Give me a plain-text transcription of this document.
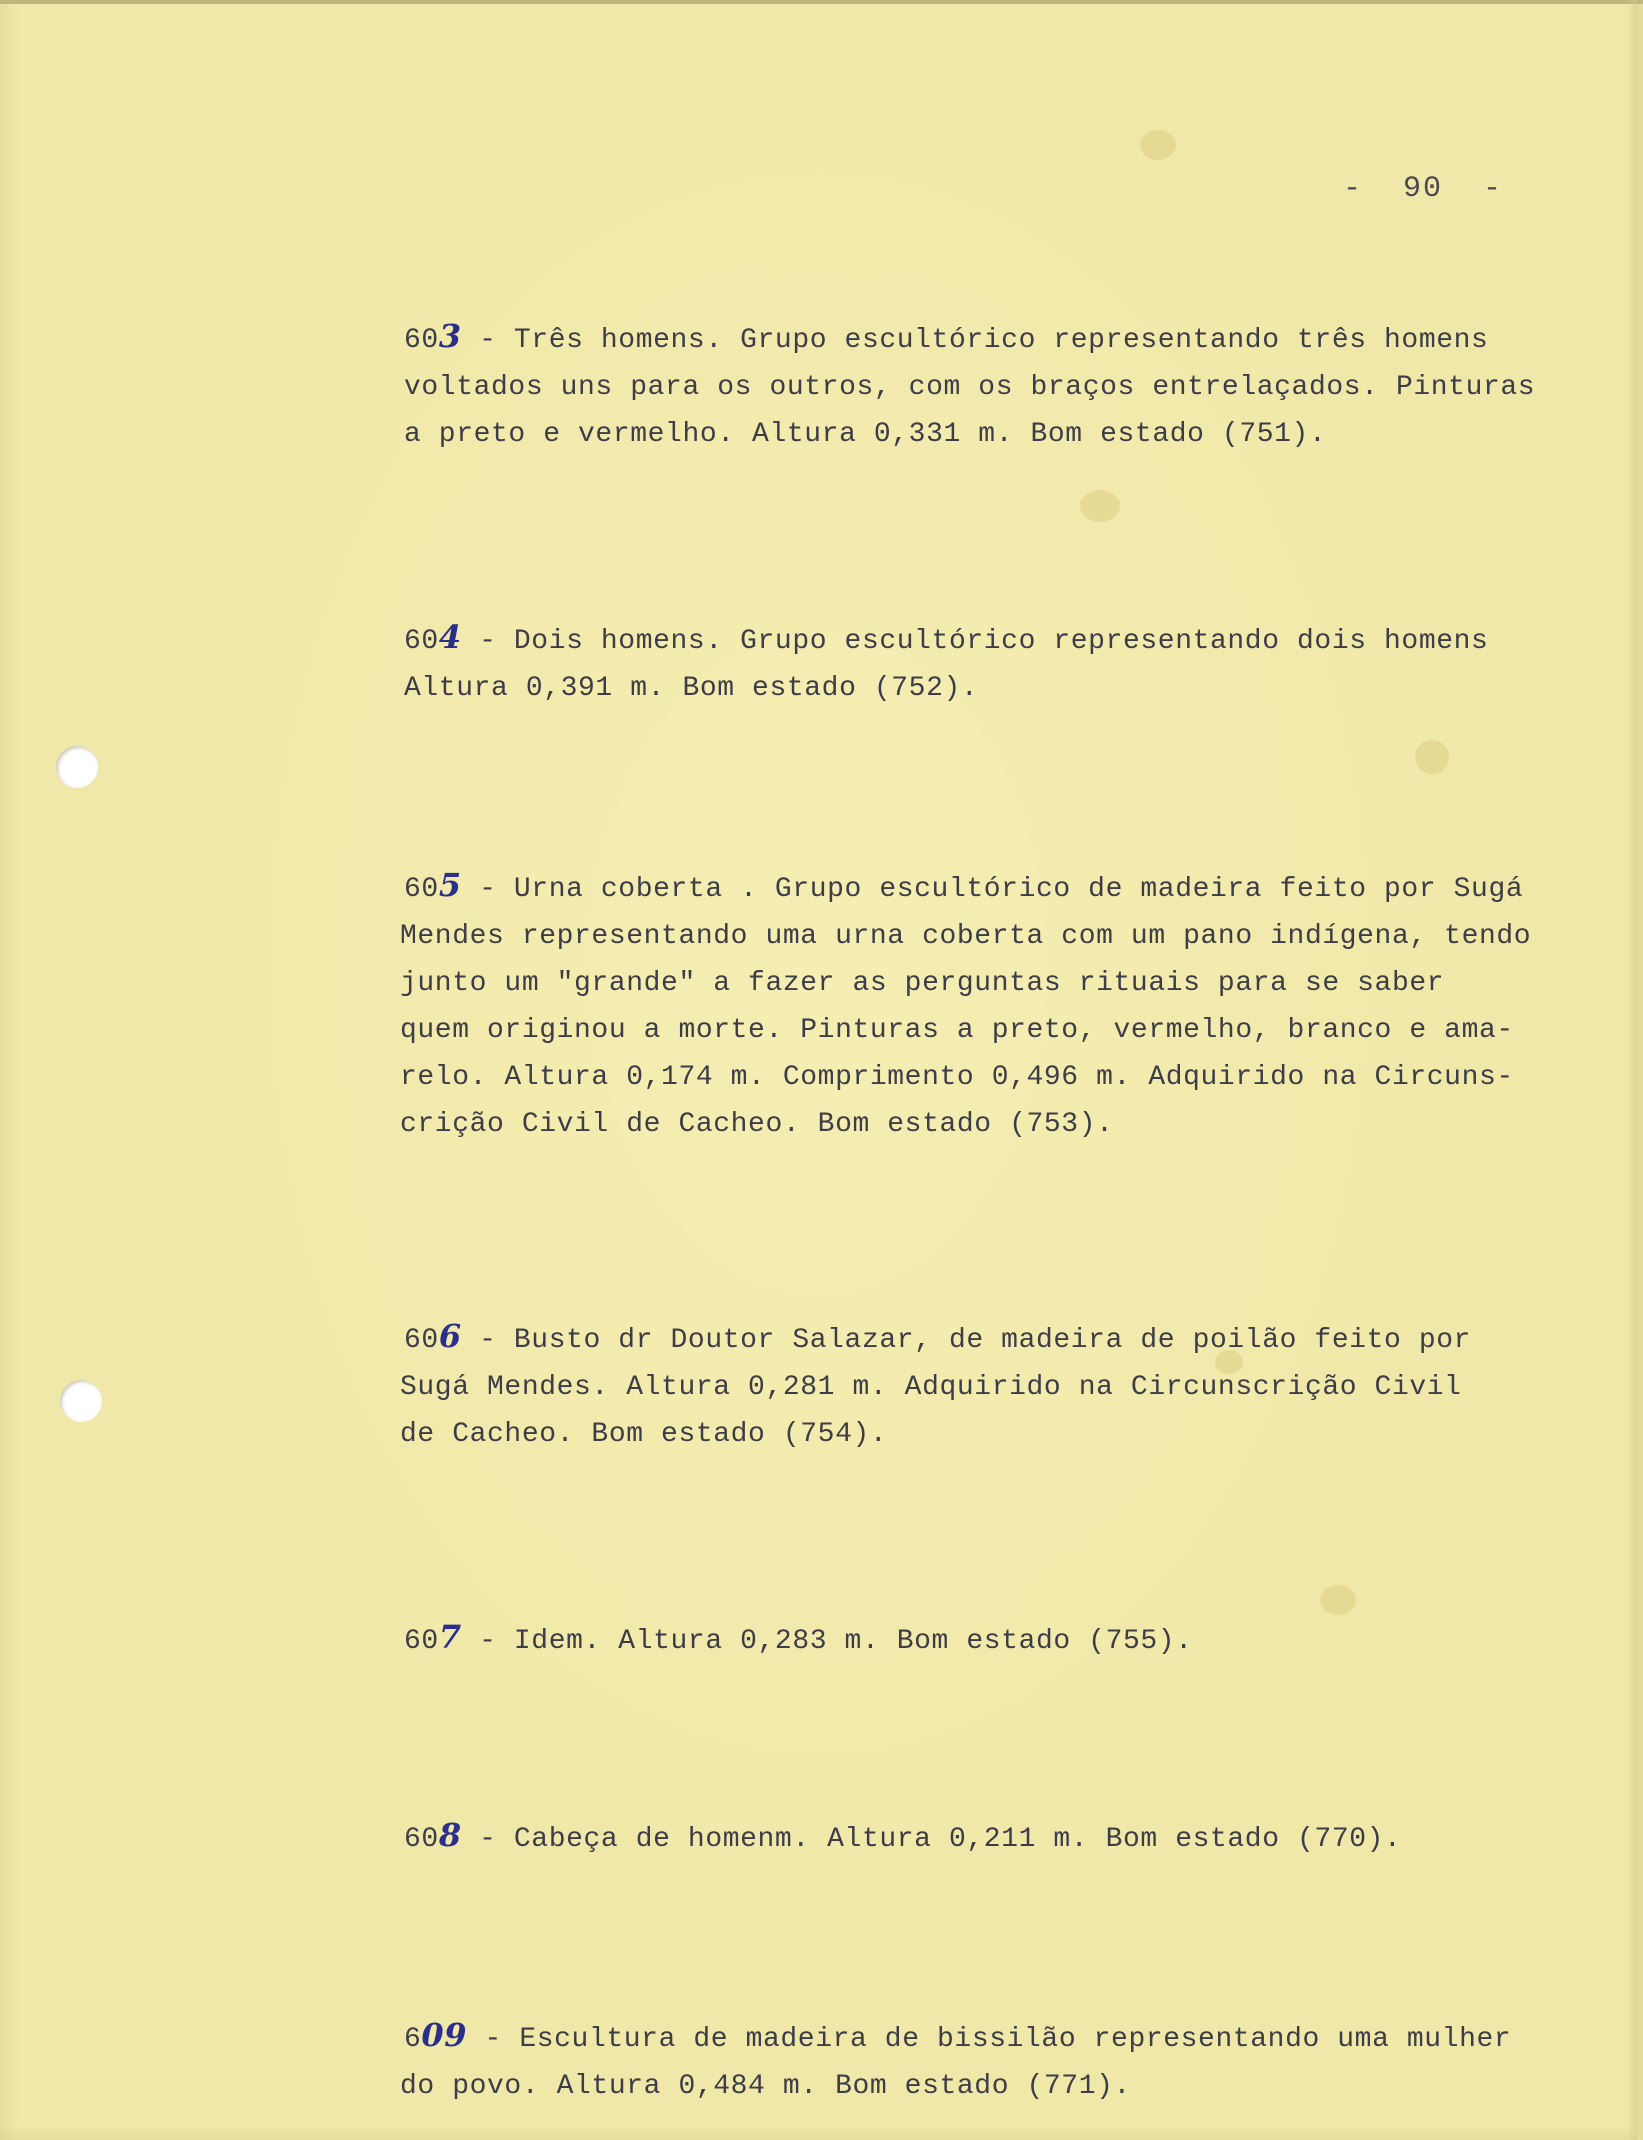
-  90  -
603 - Três homens. Grupo escultórico representando três homens
voltados uns para os outros, com os braços entrelaçados. Pinturas
a preto e vermelho. Altura 0,331 m. Bom estado (751).
604 - Dois homens. Grupo escultórico representando dois homens
Altura 0,391 m. Bom estado (752).
605 - Urna coberta . Grupo escultórico de madeira feito por Sugá
Mendes representando uma urna coberta com um pano indígena, tendo
junto um "grande" a fazer as perguntas rituais para se saber
quem originou a morte. Pinturas a preto, vermelho, branco e ama-
relo. Altura 0,174 m. Comprimento 0,496 m. Adquirido na Circuns-
crição Civil de Cacheo. Bom estado (753).
606 - Busto dr Doutor Salazar, de madeira de poilão feito por
Sugá Mendes. Altura 0,281 m. Adquirido na Circunscrição Civil
de Cacheo. Bom estado (754).
607 - Idem. Altura 0,283 m. Bom estado (755).
608 - Cabeça de homenm. Altura 0,211 m. Bom estado (770).
609 - Escultura de madeira de bissilão representando uma mulher
do povo. Altura 0,484 m. Bom estado (771).
